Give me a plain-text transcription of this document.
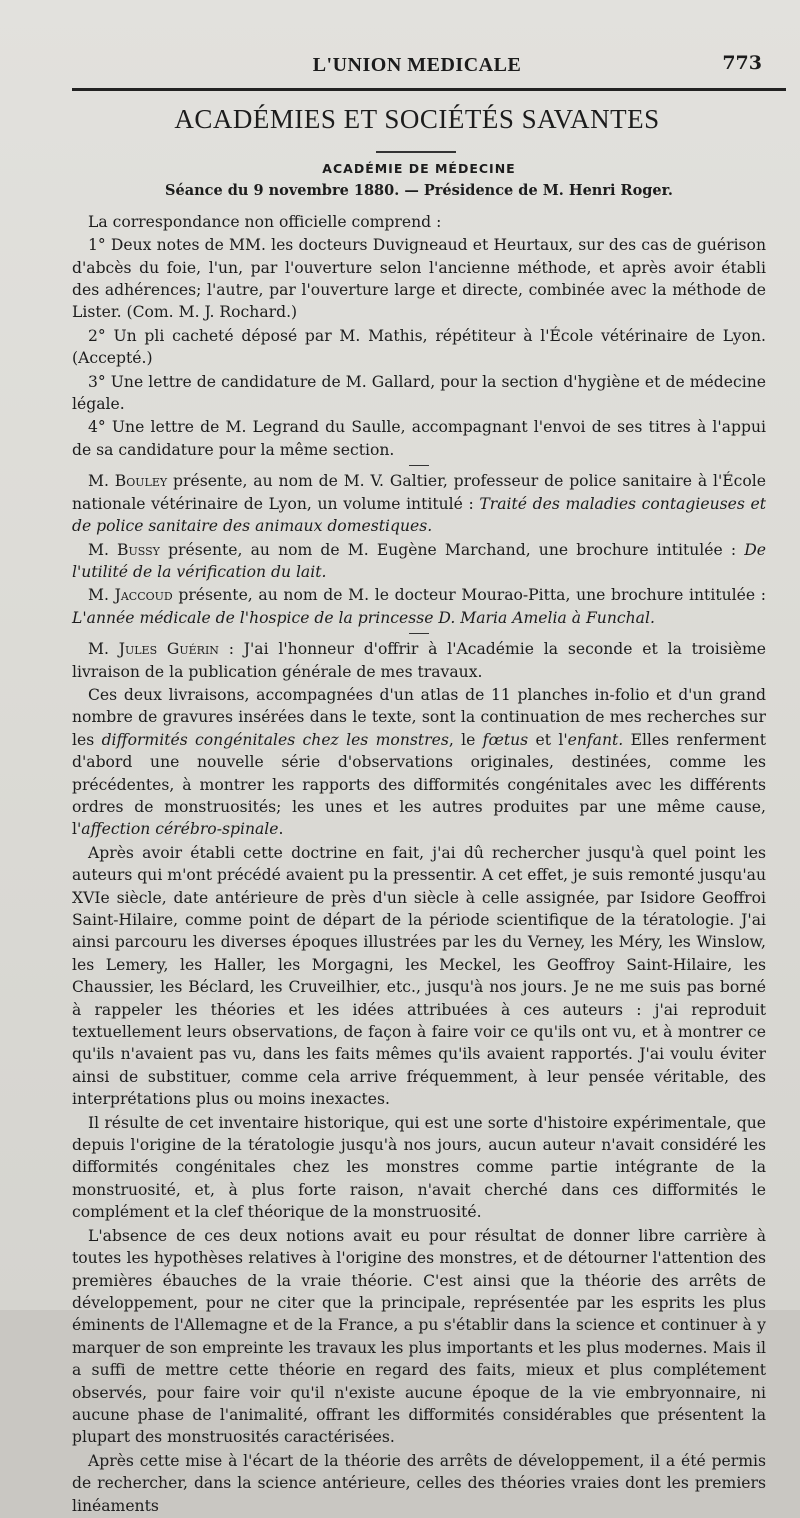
L'UNION MEDICALE	773
ACADÉMIES ET SOCIÉTÉS SAVANTES

ACADÉMIE DE MÉDECINE

Séance du 9 novembre 1880. — Présidence de M. Henri Roger.

La correspondance non officielle comprend :

1° Deux notes de MM. les docteurs Duvigneaud et Heurtaux, sur des cas de guérison d'abcès du foie, l'un, par l'ouverture selon l'ancienne méthode, et après avoir établi des adhérences; l'autre, par l'ouverture large et directe, combinée avec la méthode de Lister. (Com. M. J. Rochard.)

2° Un pli cacheté déposé par M. Mathis, répétiteur à l'École vétérinaire de Lyon. (Accepté.)

3° Une lettre de candidature de M. Gallard, pour la section d'hygiène et de médecine légale.

4° Une lettre de M. Legrand du Saulle, accompagnant l'envoi de ses titres à l'appui de sa candidature pour la même section.

M. Bouley présente, au nom de M. V. Galtier, professeur de police sanitaire à l'École nationale vétérinaire de Lyon, un volume intitulé : Traité des maladies contagieuses et de police sanitaire des animaux domestiques.

M. Bussy présente, au nom de M. Eugène Marchand, une brochure intitulée : De l'utilité de la vérification du lait.

M. Jaccoud présente, au nom de M. le docteur Mourao-Pitta, une brochure intitulée : L'année médicale de l'hospice de la princesse D. Maria Amelia à Funchal.

M. Jules Guérin : J'ai l'honneur d'offrir à l'Académie la seconde et la troisième livraison de la publication générale de mes travaux.

Ces deux livraisons, accompagnées d'un atlas de 11 planches in-folio et d'un grand nombre de gravures insérées dans le texte, sont la continuation de mes recherches sur les difformités congénitales chez les monstres, le fœtus et l'enfant. Elles renferment d'abord une nouvelle série d'observations originales, destinées, comme les précédentes, à montrer les rapports des difformités congénitales avec les différents ordres de monstruosités; les unes et les autres produites par une même cause, l'affection cérébro-spinale.

Après avoir établi cette doctrine en fait, j'ai dû rechercher jusqu'à quel point les auteurs qui m'ont précédé avaient pu la pressentir. A cet effet, je suis remonté jusqu'au XVIe siècle, date antérieure de près d'un siècle à celle assignée, par Isidore Geoffroi Saint-Hilaire, comme point de départ de la période scientifique de la tératologie. J'ai ainsi parcouru les diverses époques illustrées par les du Verney, les Méry, les Winslow, les Lemery, les Haller, les Morgagni, les Meckel, les Geoffroy Saint-Hilaire, les Chaussier, les Béclard, les Cruveilhier, etc., jusqu'à nos jours. Je ne me suis pas borné à rappeler les théories et les idées attribuées à ces auteurs : j'ai reproduit textuellement leurs observations, de façon à faire voir ce qu'ils ont vu, et à montrer ce qu'ils n'avaient pas vu, dans les faits mêmes qu'ils avaient rapportés. J'ai voulu éviter ainsi de substituer, comme cela arrive fréquemment, à leur pensée véritable, des interprétations plus ou moins inexactes.

Il résulte de cet inventaire historique, qui est une sorte d'histoire expérimentale, que depuis l'origine de la tératologie jusqu'à nos jours, aucun auteur n'avait considéré les difformités congénitales chez les monstres comme partie intégrante de la monstruosité, et, à plus forte raison, n'avait cherché dans ces difformités le complément et la clef théorique de la monstruosité.

L'absence de ces deux notions avait eu pour résultat de donner libre carrière à toutes les hypothèses relatives à l'origine des monstres, et de détourner l'attention des premières ébauches de la vraie théorie. C'est ainsi que la théorie des arrêts de développement, pour ne citer que la principale, représentée par les esprits les plus éminents de l'Allemagne et de la France, a pu s'établir dans la science et continuer à y marquer de son empreinte les travaux les plus importants et les plus modernes. Mais il a suffi de mettre cette théorie en regard des faits, mieux et plus complétement observés, pour faire voir qu'il n'existe aucune époque de la vie embryonnaire, ni aucune phase de l'animalité, offrant les difformités considérables que présentent la plupart des monstruosités caractérisées.

Après cette mise à l'écart de la théorie des arrêts de développement, il a été permis de rechercher, dans la science antérieure, celles des théories vraies dont les premiers linéaments
